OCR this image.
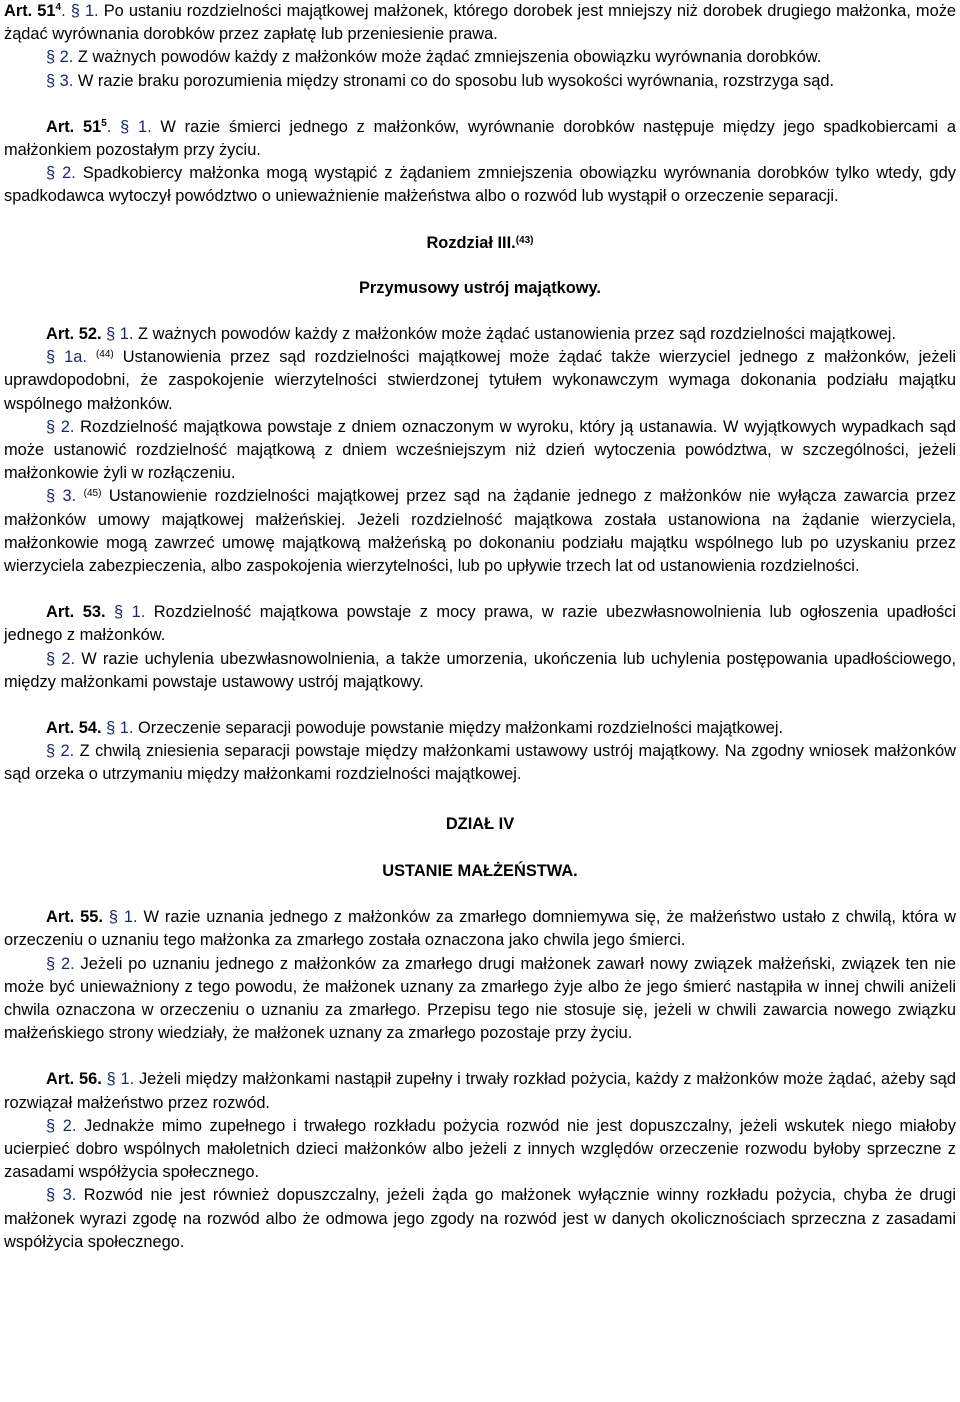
Art. $51^4$. § 1. Po ustaniu rozdzielności majątkowej małżonek, którego dorobek jest mniejszy niż dorobek drugiego małżonka, może żądać wyrównania dorobków przez zapłatę lub przeniesienie prawa.

§ 2. Z ważnych powodów każdy z małżonków może żądać zmniejszenia obowiązku wyrównania dorobków.

§ 3. W razie braku porozumienia między stronami co do sposobu lub wysokości wyrównania, rozstrzyga sąd.

Art. $51^5$. § 1. W razie śmierci jednego z małżonków, wyrównanie dorobków następuje między jego spadkobiercami a małżonkiem pozostałym przy życiu.

§ 2. Spadkobiercy małżonka mogą wystąpić z żądaniem zmniejszenia obowiązku wyrównania dorobków tylko wtedy, gdy spadkodawca wytoczył powództwo o unieważnienie małżeństwa albo o rozwód lub wystąpił o orzeczenie separacji.

Rozdział III.$^{(43)}$

Przymusowy ustrój majątkowy.

Art. 52. § 1. Z ważnych powodów każdy z małżonków może żądać ustanowienia przez sąd rozdzielności majątkowej.

§ 1a. $^{(44)}$ Ustanowienia przez sąd rozdzielności majątkowej może żądać także wierzyciel jednego z małżonków, jeżeli uprawdopodobni, że zaspokojenie wierzytelności stwierdzonej tytułem wykonawczym wymaga dokonania podziału majątku wspólnego małżonków.

§ 2. Rozdzielność majątkowa powstaje z dniem oznaczonym w wyroku, który ją ustanawia. W wyjątkowych wypadkach sąd może ustanowić rozdzielność majątkową z dniem wcześniejszym niż dzień wytoczenia powództwa, w szczególności, jeżeli małżonkowie żyli w rozłączeniu.

§ 3. $^{(45)}$ Ustanowienie rozdzielności majątkowej przez sąd na żądanie jednego z małżonków nie wyłącza zawarcia przez małżonków umowy majątkowej małżeńskiej. Jeżeli rozdzielność majątkowa została ustanowiona na żądanie wierzyciela, małżonkowie mogą zawrzeć umowę majątkową małżeńską po dokonaniu podziału majątku wspólnego lub po uzyskaniu przez wierzyciela zabezpieczenia, albo zaspokojenia wierzytelności, lub po upływie trzech lat od ustanowienia rozdzielności.

Art. 53. § 1. Rozdzielność majątkowa powstaje z mocy prawa, w razie ubezwłasnowolnienia lub ogłoszenia upadłości jednego z małżonków.

§ 2. W razie uchylenia ubezwłasnowolnienia, a także umorzenia, ukończenia lub uchylenia postępowania upadłościowego, między małżonkami powstaje ustawowy ustrój majątkowy.

Art. 54. § 1. Orzeczenie separacji powoduje powstanie między małżonkami rozdzielności majątkowej.

§ 2. Z chwilą zniesienia separacji powstaje między małżonkami ustawowy ustrój majątkowy. Na zgodny wniosek małżonków sąd orzeka o utrzymaniu między małżonkami rozdzielności majątkowej.

DZIAŁ IV

USTANIE MAŁŻEŃSTWA.

Art. 55. § 1. W razie uznania jednego z małżonków za zmarłego domniemywa się, że małżeństwo ustało z chwilą, która w orzeczeniu o uznaniu tego małżonka za zmarłego została oznaczona jako chwila jego śmierci.

§ 2. Jeżeli po uznaniu jednego z małżonków za zmarłego drugi małżonek zawarł nowy związek małżeński, związek ten nie może być unieważniony z tego powodu, że małżonek uznany za zmarłego żyje albo że jego śmierć nastąpiła w innej chwili aniżeli chwila oznaczona w orzeczeniu o uznaniu za zmarłego. Przepisu tego nie stosuje się, jeżeli w chwili zawarcia nowego związku małżeńskiego strony wiedziały, że małżonek uznany za zmarłego pozostaje przy życiu.

Art. 56. § 1. Jeżeli między małżonkami nastąpił zupełny i trwały rozkład pożycia, każdy z małżonków może żądać, ażeby sąd rozwiązał małżeństwo przez rozwód.

§ 2. Jednakże mimo zupełnego i trwałego rozkładu pożycia rozwód nie jest dopuszczalny, jeżeli wskutek niego miałoby ucierpieć dobro wspólnych małoletnich dzieci małżonków albo jeżeli z innych względów orzeczenie rozwodu byłoby sprzeczne z zasadami współżycia społecznego.

§ 3. Rozwód nie jest również dopuszczalny, jeżeli żąda go małżonek wyłącznie winny rozkładu pożycia, chyba że drugi małżonek wyrazi zgodę na rozwód albo że odmowa jego zgody na rozwód jest w danych okolicznościach sprzeczna z zasadami współżycia społecznego.
